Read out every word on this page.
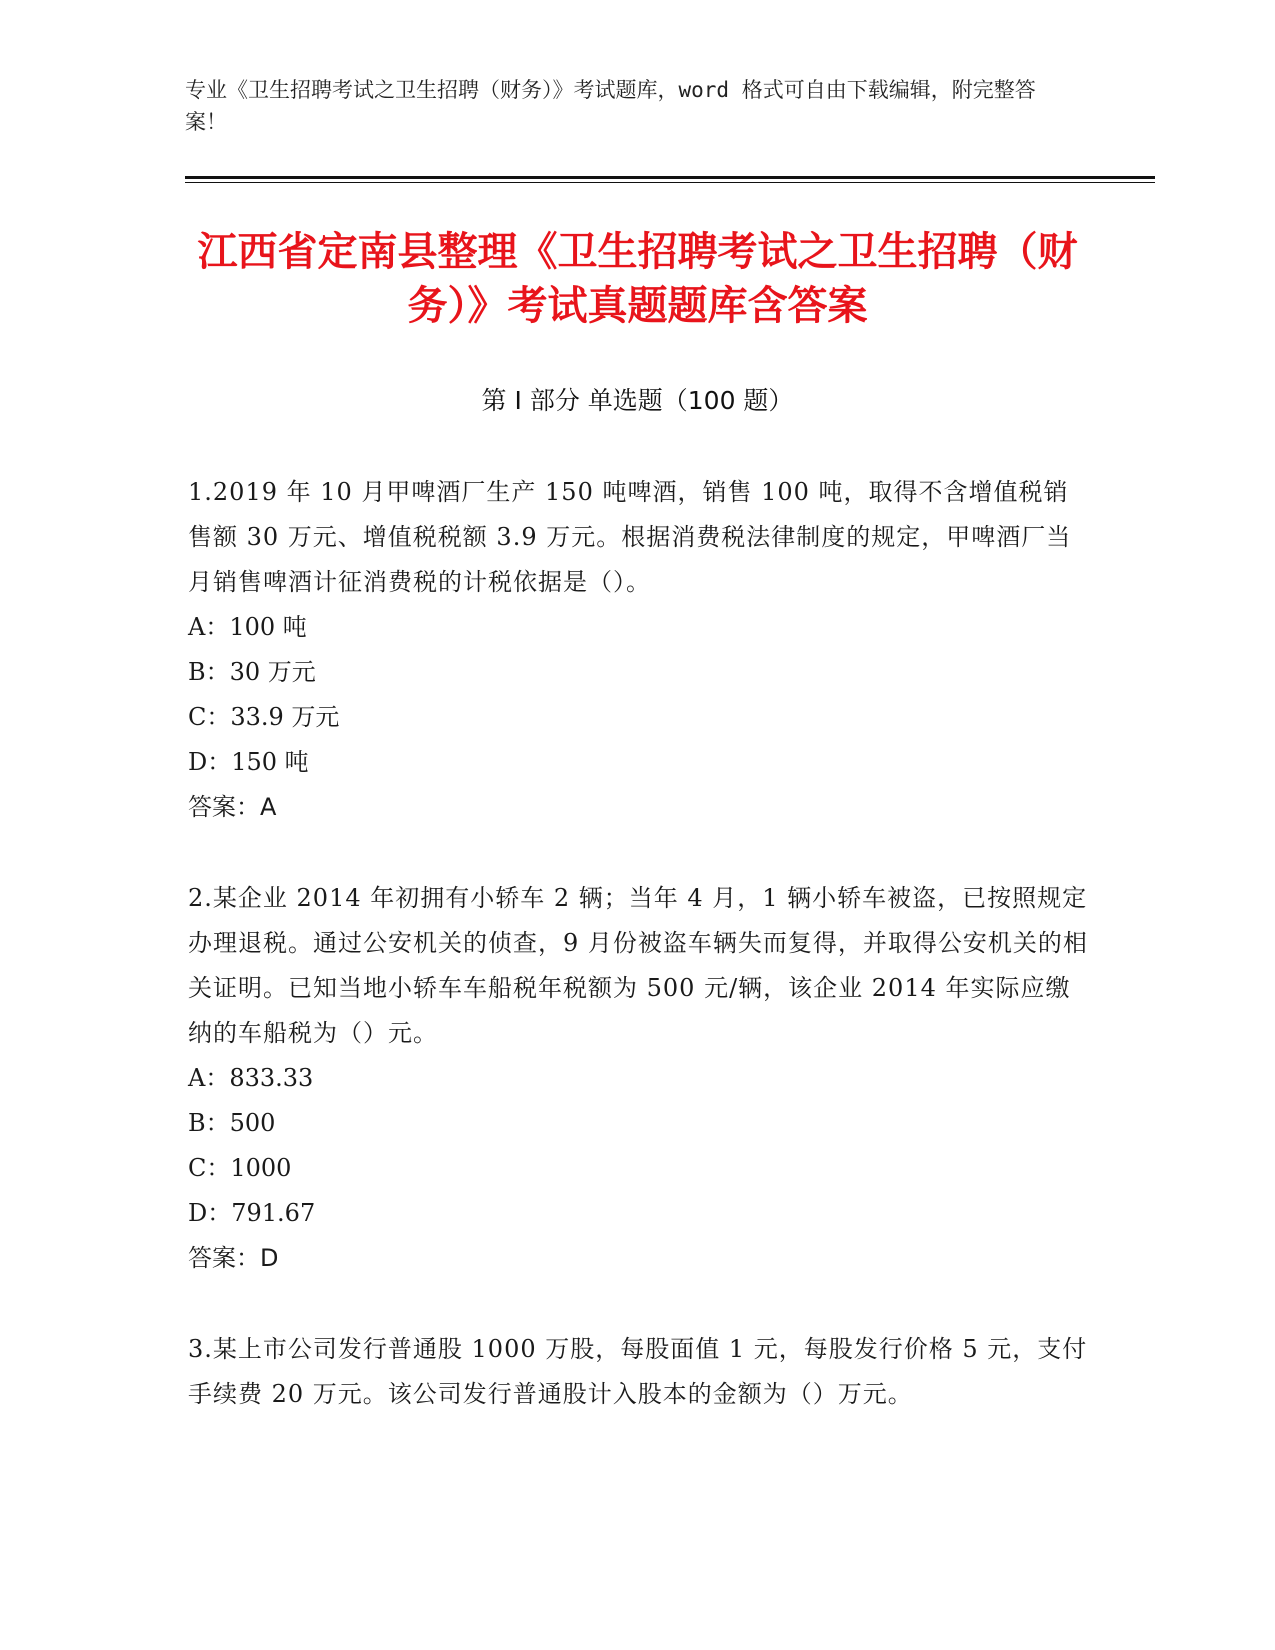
专业《卫生招聘考试之卫生招聘（财务）》考试题库，word 格式可自由下载编辑，附完整答案！
江西省定南县整理《卫生招聘考试之卫生招聘（财务）》考试真题题库含答案
第 I 部分 单选题（100 题）

1.2019 年 10 月甲啤酒厂生产 150 吨啤酒，销售 100 吨，取得不含增值税销售额 30 万元、增值税税额 3.9 万元。根据消费税法律制度的规定，甲啤酒厂当月销售啤酒计征消费税的计税依据是（）。

A：100 吨

B：30 万元

C：33.9 万元

D：150 吨

答案：A

2.某企业 2014 年初拥有小轿车 2 辆；当年 4 月，1 辆小轿车被盗，已按照规定办理退税。通过公安机关的侦查，9 月份被盗车辆失而复得，并取得公安机关的相关证明。已知当地小轿车车船税年税额为 500 元/辆，该企业 2014 年实际应缴纳的车船税为（）元。

A：833.33

B：500

C：1000

D：791.67

答案：D

3.某上市公司发行普通股 1000 万股，每股面值 1 元，每股发行价格 5 元，支付手续费 20 万元。该公司发行普通股计入股本的金额为（）万元。
